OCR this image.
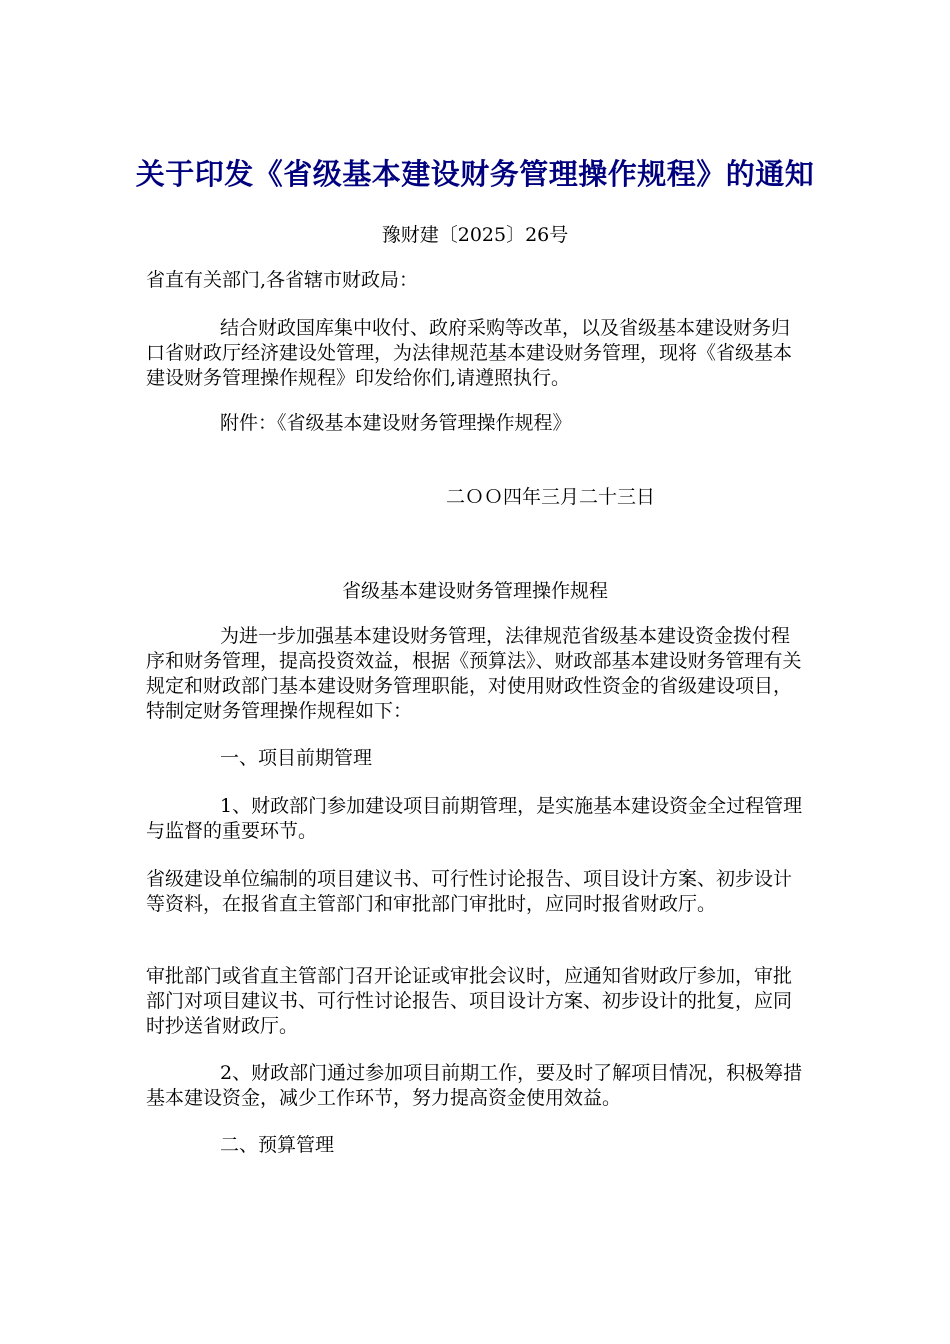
关于印发《省级基本建设财务管理操作规程》的通知
豫财建〔2025〕26号
省直有关部门,各省辖市财政局：
结合财政国库集中收付、政府采购等改革，以及省级基本建设财务归口省财政厅经济建设处管理，为法律规范基本建设财务管理，现将《省级基本建设财务管理操作规程》印发给你们,请遵照执行。
附件：《省级基本建设财务管理操作规程》
二ＯＯ四年三月二十三日
省级基本建设财务管理操作规程
为进一步加强基本建设财务管理，法律规范省级基本建设资金拨付程序和财务管理，提高投资效益，根据《预算法》、财政部基本建设财务管理有关规定和财政部门基本建设财务管理职能，对使用财政性资金的省级建设项目，特制定财务管理操作规程如下：
一、项目前期管理
1、财政部门参加建设项目前期管理，是实施基本建设资金全过程管理与监督的重要环节。
省级建设单位编制的项目建议书、可行性讨论报告、项目设计方案、初步设计等资料，在报省直主管部门和审批部门审批时，应同时报省财政厅。
审批部门或省直主管部门召开论证或审批会议时，应通知省财政厅参加，审批部门对项目建议书、可行性讨论报告、项目设计方案、初步设计的批复，应同时抄送省财政厅。
2、财政部门通过参加项目前期工作，要及时了解项目情况，积极筹措基本建设资金，减少工作环节，努力提高资金使用效益。
二、预算管理
